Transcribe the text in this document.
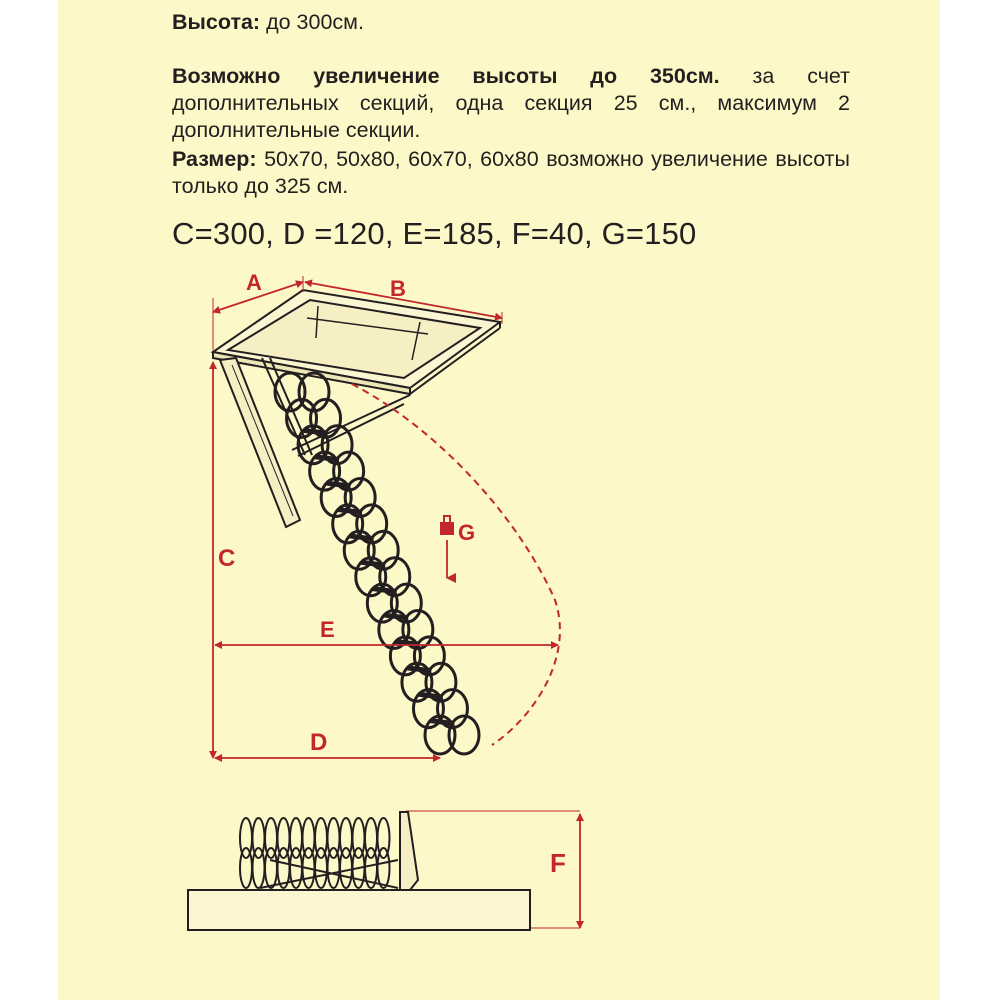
Высота: до 300см.
Возможно увеличение высоты до 350см. за счет дополнительных секций, одна секция 25 см., максимум 2 дополнительные секции.
Размер: 50x70, 50x80, 60x70, 60x80 возможно увеличение высоты только до 325 см.
C=300, D =120, E=185, F=40, G=150
A	B
C
E
D
G
F
